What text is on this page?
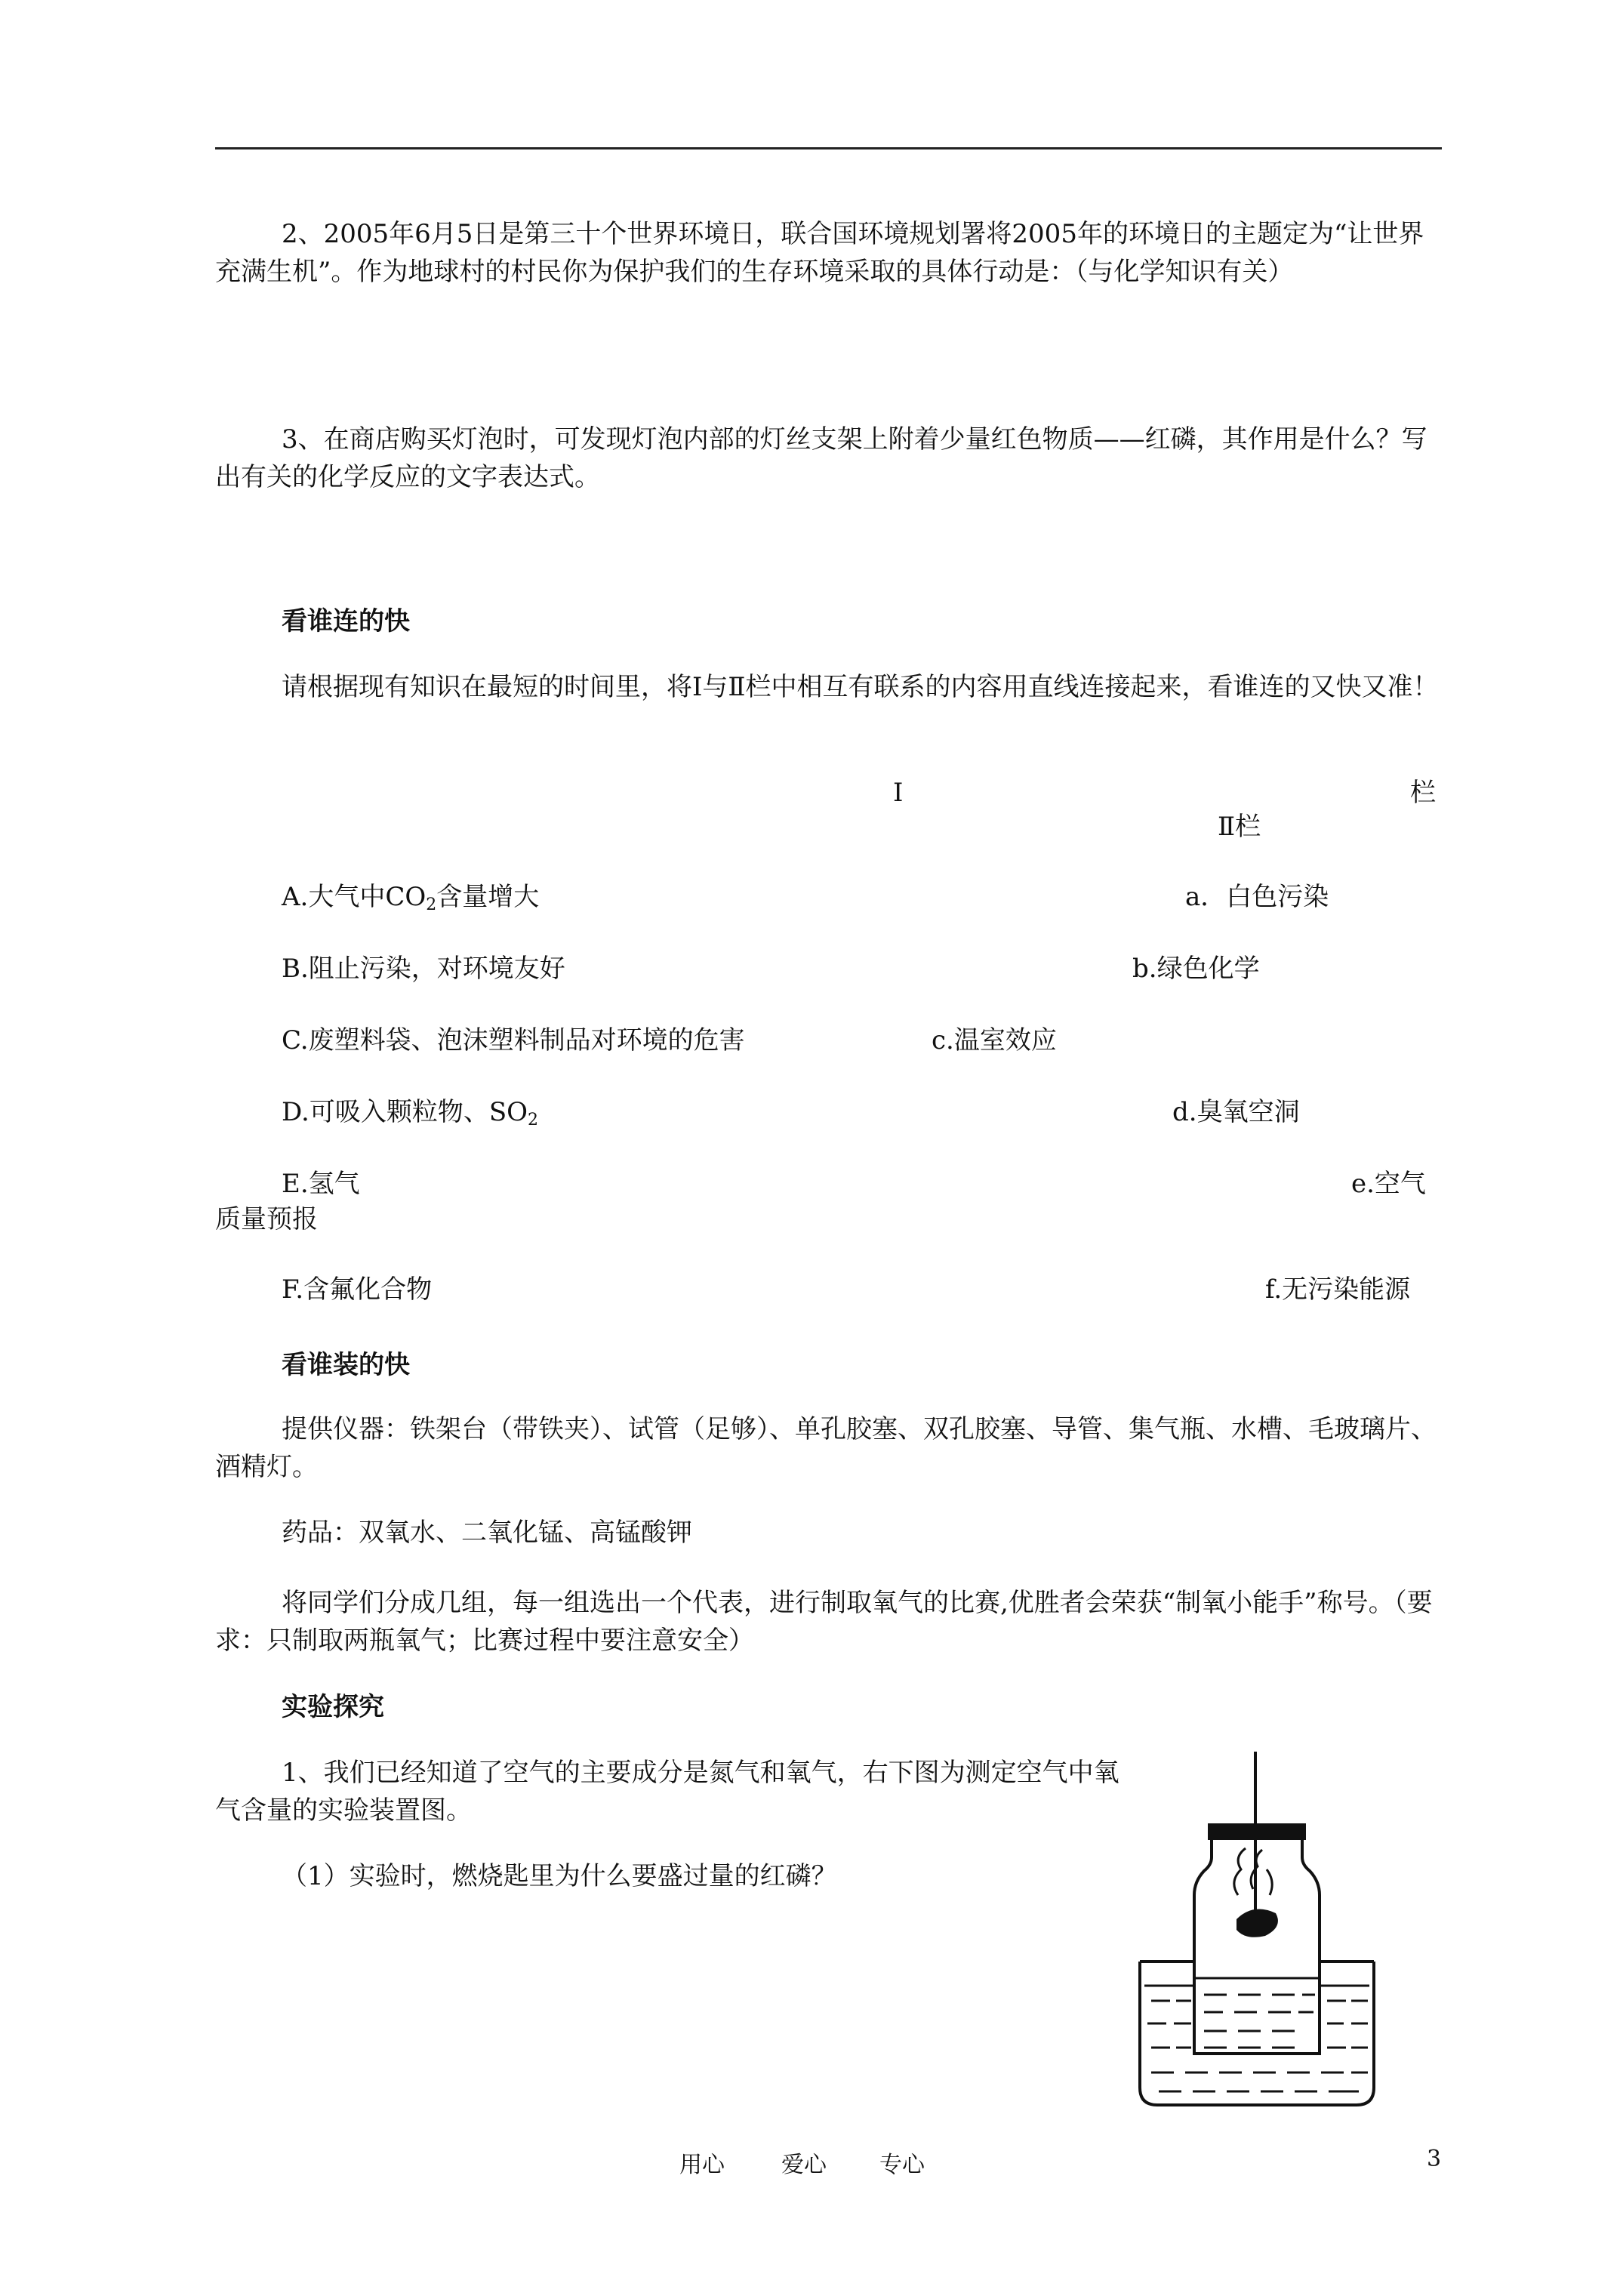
2、2005年6月5日是第三十个世界环境日，联合国环境规划署将2005年的环境日的主题定为“让世界充满生机”。作为地球村的村民你为保护我们的生存环境采取的具体行动是：（与化学知识有关）

3、在商店购买灯泡时，可发现灯泡内部的灯丝支架上附着少量红色物质——红磷，其作用是什么？写出有关的化学反应的文字表达式。

看谁连的快

请根据现有知识在最短的时间里，将Ⅰ与Ⅱ栏中相互有联系的内容用直线连接起来，看谁连的又快又准！

Ⅰ	栏
Ⅱ栏
A.大气中$CO_2$含量增大	a．白色污染
B.阻止污染，对环境友好	b.绿色化学
C.废塑料袋、泡沫塑料制品对环境的危害	c.温室效应
D.可吸入颗粒物、$SO_2$	d.臭氧空洞
E.氢气	e.空气
质量预报
F.含氟化合物	f.无污染能源

看谁装的快

提供仪器：铁架台（带铁夹）、试管（足够）、单孔胶塞、双孔胶塞、导管、集气瓶、水槽、毛玻璃片、酒精灯。

药品：双氧水、二氧化锰、高锰酸钾

将同学们分成几组，每一组选出一个代表，进行制取氧气的比赛,优胜者会荣获“制氧小能手”称号。（要求：只制取两瓶氧气；比赛过程中要注意安全）

实验探究

1、我们已经知道了空气的主要成分是氮气和氧气，右下图为测定空气中氧气含量的实验装置图。

（1）实验时，燃烧匙里为什么要盛过量的红磷？

用心	爱心 专心	3
